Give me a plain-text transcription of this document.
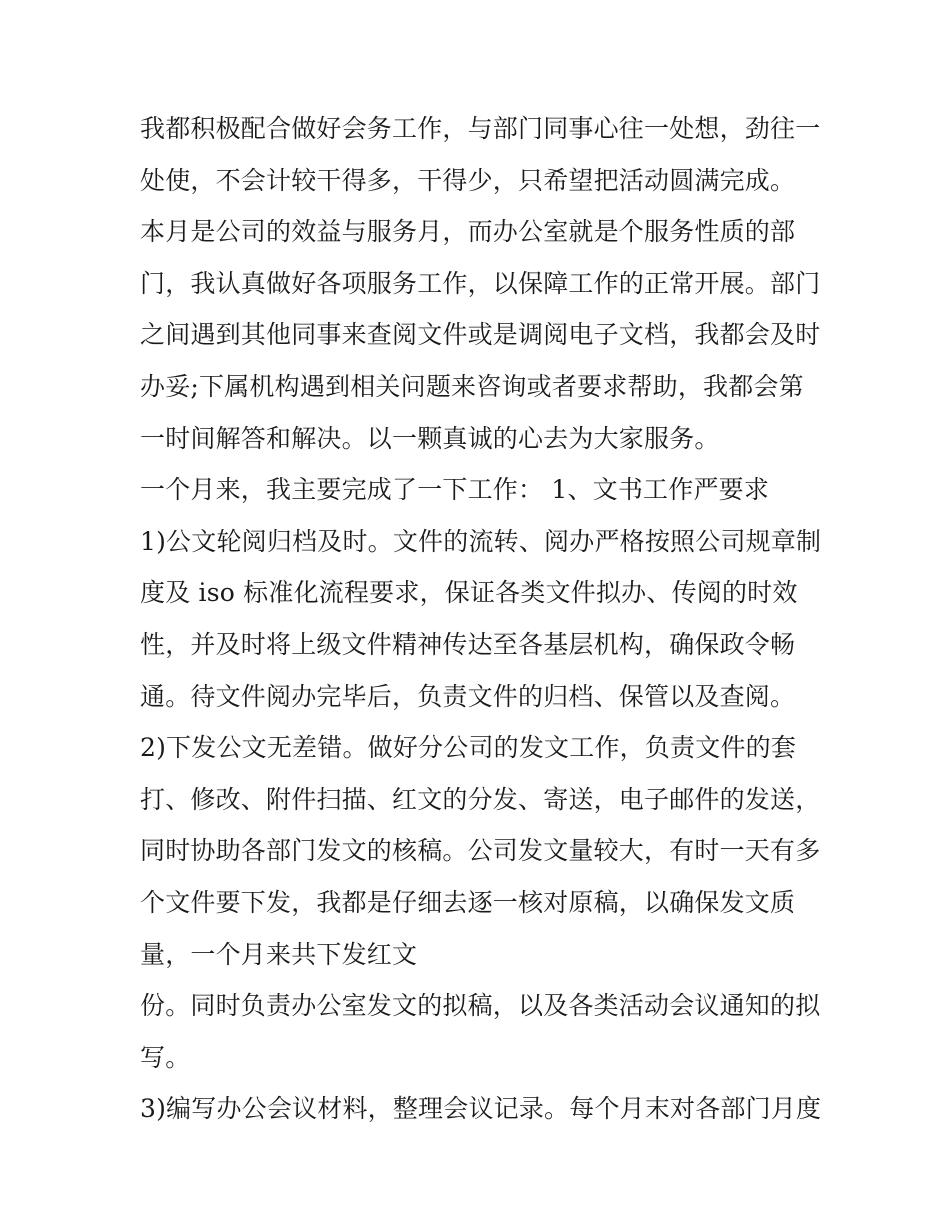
我都积极配合做好会务工作，与部门同事心往一处想，劲往一
处使，不会计较干得多，干得少，只希望把活动圆满完成。
本月是公司的效益与服务月，而办公室就是个服务性质的部
门，我认真做好各项服务工作，以保障工作的正常开展。部门
之间遇到其他同事来查阅文件或是调阅电子文档，我都会及时
办妥;下属机构遇到相关问题来咨询或者要求帮助，我都会第
一时间解答和解决。以一颗真诚的心去为大家服务。
一个月来，我主要完成了一下工作： 1、文书工作严要求
1)公文轮阅归档及时。文件的流转、阅办严格按照公司规章制
度及 iso 标准化流程要求，保证各类文件拟办、传阅的时效
性，并及时将上级文件精神传达至各基层机构，确保政令畅
通。待文件阅办完毕后，负责文件的归档、保管以及查阅。
2)下发公文无差错。做好分公司的发文工作，负责文件的套
打、修改、附件扫描、红文的分发、寄送，电子邮件的发送，
同时协助各部门发文的核稿。公司发文量较大，有时一天有多
个文件要下发，我都是仔细去逐一核对原稿，以确保发文质
量，一个月来共下发红文
份。同时负责办公室发文的拟稿，以及各类活动会议通知的拟
写。
3)编写办公会议材料，整理会议记录。每个月末对各部门月度
